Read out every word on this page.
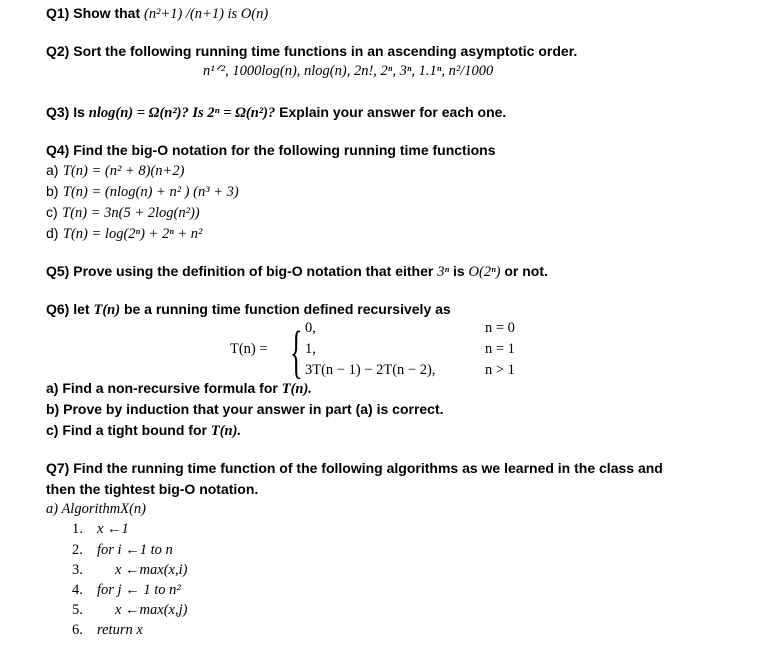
Q1) Show that (n²+1) /(n+1) is O(n)
Q2) Sort the following running time functions in an ascending asymptotic order.
n¹ᐟ², 1000log(n), nlog(n), 2n!, 2ⁿ, 3ⁿ, 1.1ⁿ, n²/1000
Q3) Is nlog(n) = Ω(n²)? Is 2ⁿ = Ω(n²)? Explain your answer for each one.
Q4) Find the big-O notation for the following running time functions
a) T(n) = (n² + 8)(n+2)
b) T(n) = (nlog(n) + n² ) (n³ + 3)
c) T(n) = 3n(5 + 2log(n²))
d) T(n) = log(2ⁿ) + 2ⁿ + n²
Q5) Prove using the definition of big-O notation that either 3ⁿ is O(2ⁿ) or not.
Q6) let T(n) be a running time function defined recursively as
T(n) = { 0,
1,
3T(n − 1) − 2T(n − 2),
n = 0
n = 1
n > 1
a) Find a non-recursive formula for T(n).
b) Prove by induction that your answer in part (a) is correct.
c) Find a tight bound for T(n).
Q7) Find the running time function of the following algorithms as we learned in the class and
then the tightest big-O notation.
a) AlgorithmX(n)
1. x ←1
2. for i ←1 to n
3. x ←max(x,i)
4. for j ← 1 to n²
5. x ←max(x,j)
6. return x
